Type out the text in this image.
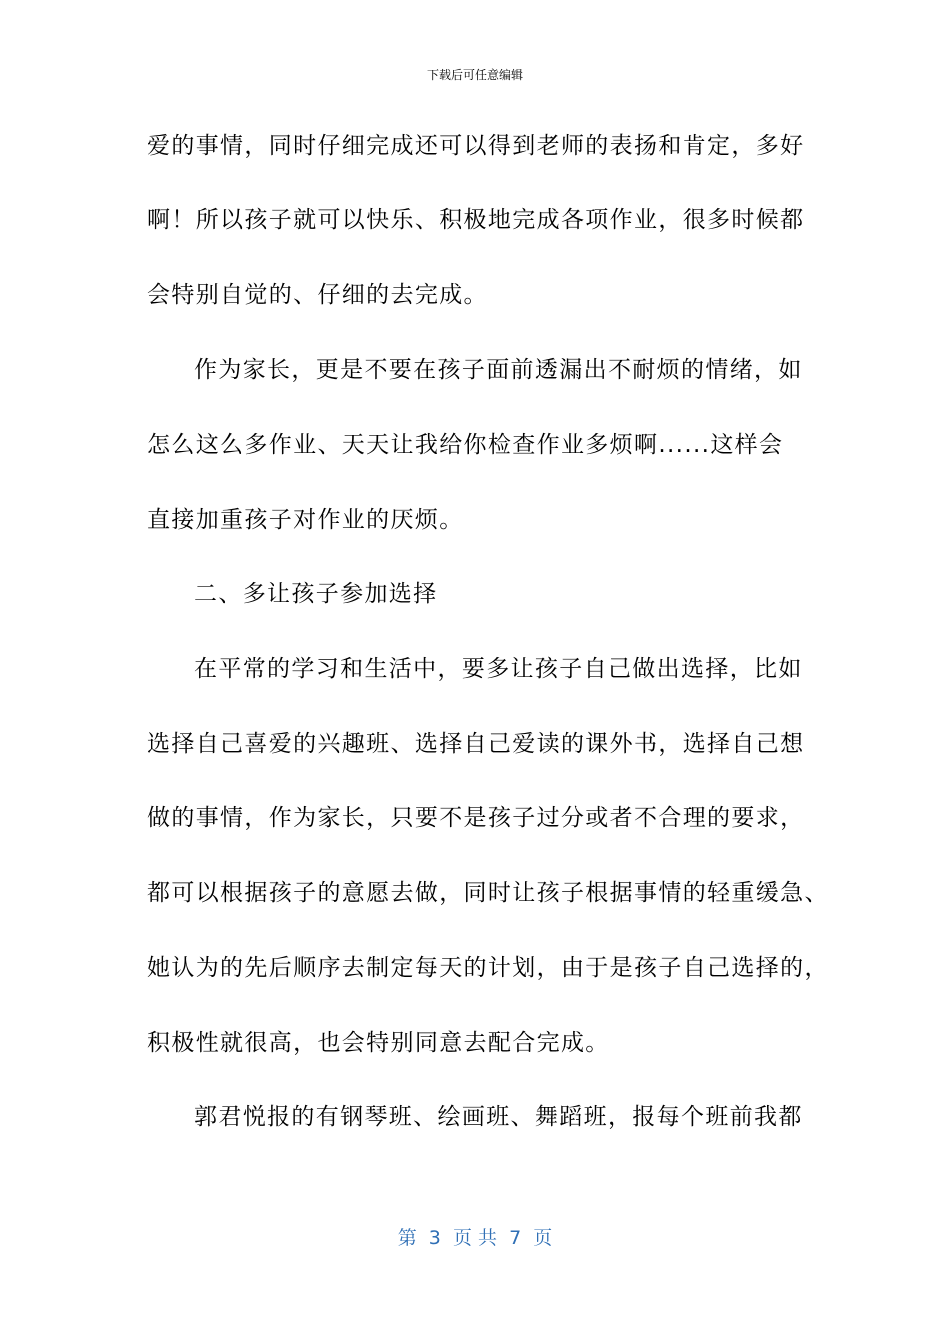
下载后可任意编辑
爱的事情，同时仔细完成还可以得到老师的表扬和肯定，多好
啊！所以孩子就可以快乐、积极地完成各项作业，很多时候都
会特别自觉的、仔细的去完成。
作为家长，更是不要在孩子面前透漏出不耐烦的情绪，如
怎么这么多作业、天天让我给你检查作业多烦啊......这样会
直接加重孩子对作业的厌烦。
二、多让孩子参加选择
在平常的学习和生活中，要多让孩子自己做出选择，比如
选择自己喜爱的兴趣班、选择自己爱读的课外书，选择自己想
做的事情，作为家长，只要不是孩子过分或者不合理的要求，
都可以根据孩子的意愿去做，同时让孩子根据事情的轻重缓急、
她认为的先后顺序去制定每天的计划，由于是孩子自己选择的，
积极性就很高，也会特别同意去配合完成。
郭君悦报的有钢琴班、绘画班、舞蹈班，报每个班前我都
第  3  页 共  7  页
